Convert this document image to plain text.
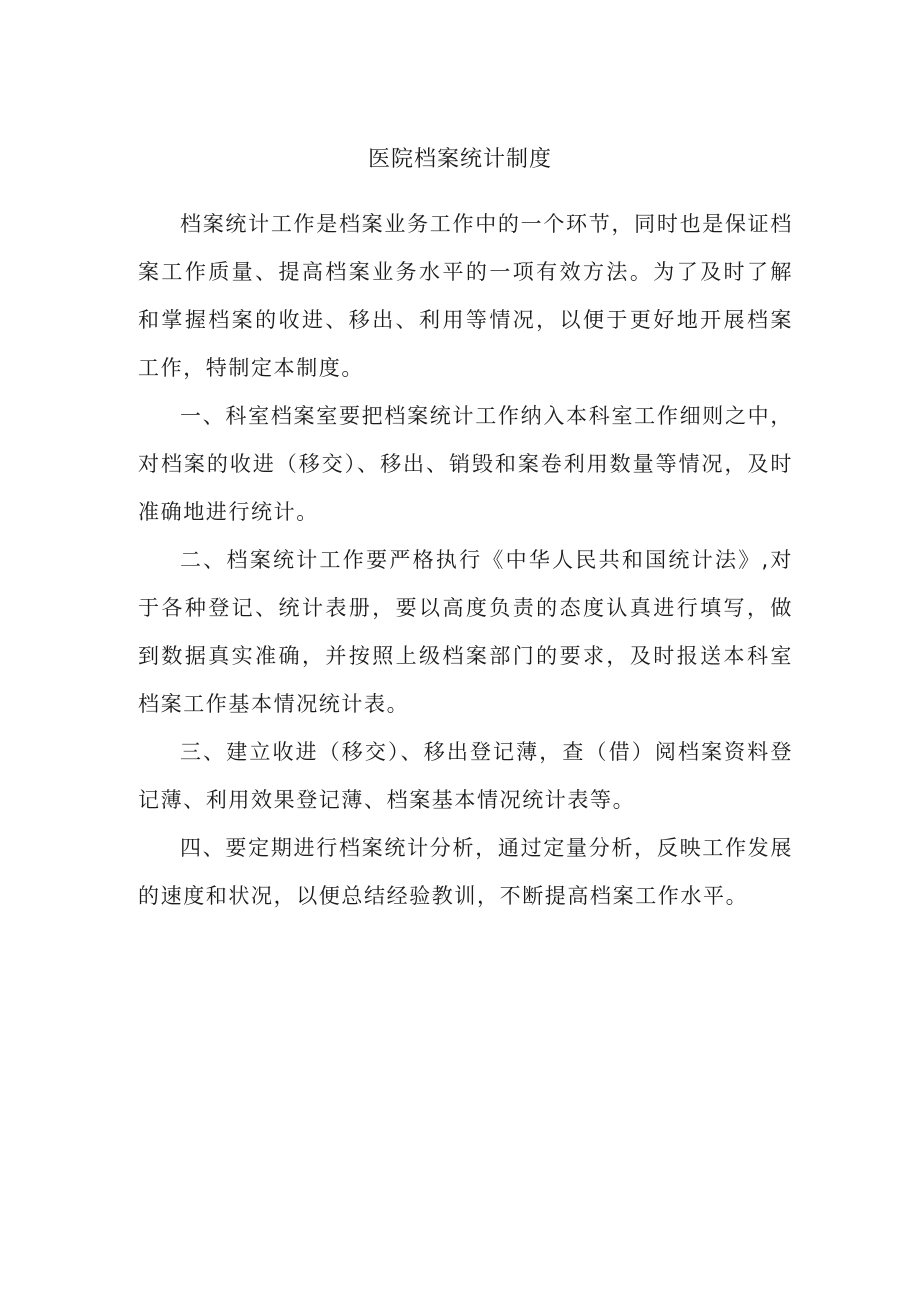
医院档案统计制度

档案统计工作是档案业务工作中的一个环节，同时也是保证档案工作质量、提高档案业务水平的一项有效方法。为了及时了解和掌握档案的收进、移出、利用等情况，以便于更好地开展档案工作，特制定本制度。

一、科室档案室要把档案统计工作纳入本科室工作细则之中，对档案的收进（移交）、移出、销毁和案卷利用数量等情况，及时准确地进行统计。

二、档案统计工作要严格执行《中华人民共和国统计法》,对于各种登记、统计表册，要以高度负责的态度认真进行填写，做到数据真实准确，并按照上级档案部门的要求，及时报送本科室档案工作基本情况统计表。

三、建立收进（移交）、移出登记薄，查（借）阅档案资料登记薄、利用效果登记薄、档案基本情况统计表等。

四、要定期进行档案统计分析，通过定量分析，反映工作发展的速度和状况，以便总结经验教训，不断提高档案工作水平。
